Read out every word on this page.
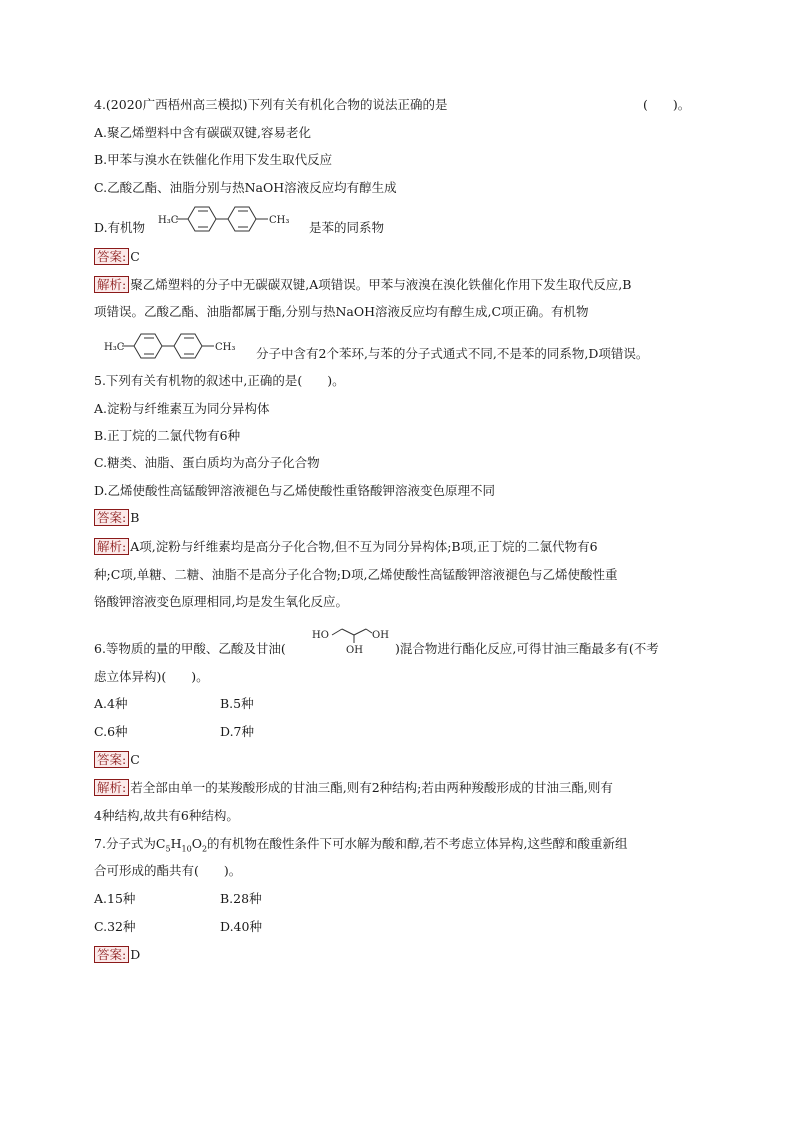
4.(2020广西梧州高三模拟)下列有关有机化合物的说法正确的是	(　　)。
A.聚乙烯塑料中含有碳碳双键,容易老化
B.甲苯与溴水在铁催化作用下发生取代反应
C.乙酸乙酯、油脂分别与热NaOH溶液反应均有醇生成
D.有机物 H₃C	CH₃ 是苯的同系物
答案: C
解析: 聚乙烯塑料的分子中无碳碳双键,A项错误。甲苯与液溴在溴化铁催化作用下发生取代反应,B
项错误。乙酸乙酯、油脂都属于酯,分别与热NaOH溶液反应均有醇生成,C项正确。有机物
H₃C	CH₃ 分子中含有2个苯环,与苯的分子式通式不同,不是苯的同系物,D项错误。
5.下列有关有机物的叙述中,正确的是(　　)。
A.淀粉与纤维素互为同分异构体
B.正丁烷的二氯代物有6种
C.糖类、油脂、蛋白质均为高分子化合物
D.乙烯使酸性高锰酸钾溶液褪色与乙烯使酸性重铬酸钾溶液变色原理不同
答案: B
解析: A项,淀粉与纤维素均是高分子化合物,但不互为同分异构体;B项,正丁烷的二氯代物有6
种;C项,单糖、二糖、油脂不是高分子化合物;D项,乙烯使酸性高锰酸钾溶液褪色与乙烯使酸性重
铬酸钾溶液变色原理相同,均是发生氧化反应。
6.等物质的量的甲酸、乙酸及甘油(
HO
OH
OH
)混合物进行酯化反应,可得甘油三酯最多有(不考
虑立体异构)(　　)。
A.4种	B.5种
C.6种	D.7种
答案: C
解析: 若全部由单一的某羧酸形成的甘油三酯,则有2种结构;若由两种羧酸形成的甘油三酯,则有
4种结构,故共有6种结构。
7.分子式为$C_5H_{10}O_2$的有机物在酸性条件下可水解为酸和醇,若不考虑立体异构,这些醇和酸重新组
合可形成的酯共有(　　)。
A.15种	B.28种
C.32种	D.40种
答案: D
